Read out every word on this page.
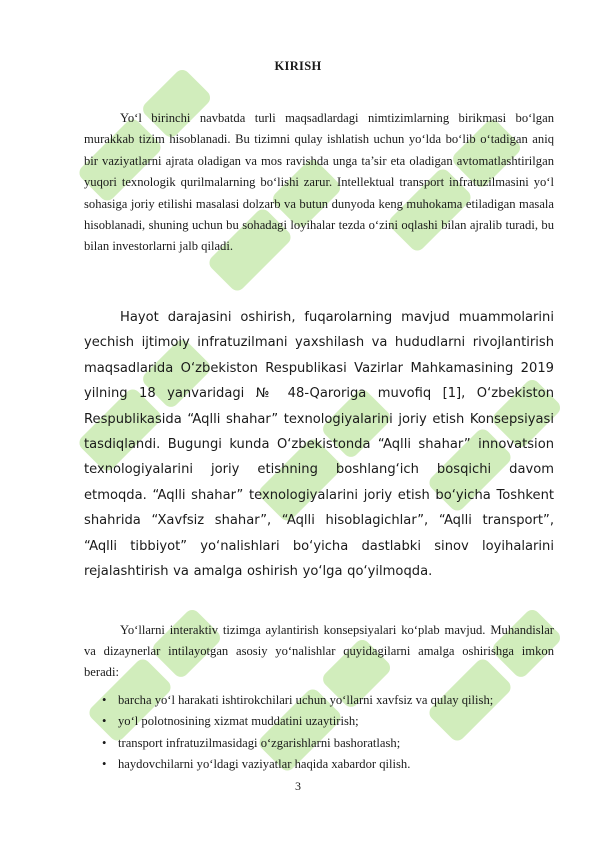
KIRISH

Yo‘l birinchi navbatda turli maqsadlardagi nimtizimlarning birikmasi bo‘lgan murakkab tizim hisoblanadi. Bu tizimni qulay ishlatish uchun yo‘lda bo‘lib o‘tadigan aniq bir vaziyatlarni ajrata oladigan va mos ravishda unga ta’sir eta oladigan avtomatlashtirilgan yuqori texnologik qurilmalarning bo‘lishi zarur. Intellektual transport infratuzilmasini yo‘l sohasiga joriy etilishi masalasi dolzarb va butun dunyoda keng muhokama etiladigan masala hisoblanadi, shuning uchun bu sohadagi loyihalar tezda o‘zini oqlashi bilan ajralib turadi, bu bilan investorlarni jalb qiladi.

Hayot darajasini oshirish, fuqarolarning mavjud muammolarini yechish ijtimoiy infratuzilmani yaxshilash va hududlarni rivojlantirish maqsadlarida O‘zbekiston Respublikasi Vazirlar Mahkamasining 2019 yilning 18 yanvaridagi № 48-Qaroriga muvofiq [1], O‘zbekiston Respublikasida “Aqlli shahar” texnologiyalarini joriy etish Konsepsiyasi tasdiqlandi. Bugungi kunda O‘zbekistonda “Aqlli shahar” innovatsion texnologiyalarini joriy etishning boshlang‘ich bosqichi davom etmoqda. “Aqlli shahar” texnologiyalarini joriy etish bo‘yicha Toshkent shahrida “Xavfsiz shahar”, “Aqlli hisoblagichlar”, “Aqlli transport”, “Aqlli tibbiyot” yo‘nalishlari bo‘yicha dastlabki sinov loyihalarini rejalashtirish va amalga oshirish yo‘lga qo‘yilmoqda.

Yo‘llarni interaktiv tizimga aylantirish konsepsiyalari ko‘plab mavjud. Muhandislar va dizaynerlar intilayotgan asosiy yo‘nalishlar quyidagilarni amalga oshirishga imkon beradi:

• barcha yo‘l harakati ishtirokchilari uchun yo‘llarni xavfsiz va qulay qilish;
• yo‘l polotnosining xizmat muddatini uzaytirish;
• transport infratuzilmasidagi o‘zgarishlarni bashoratlash;
• haydovchilarni yo‘ldagi vaziyatlar haqida xabardor qilish.
3
